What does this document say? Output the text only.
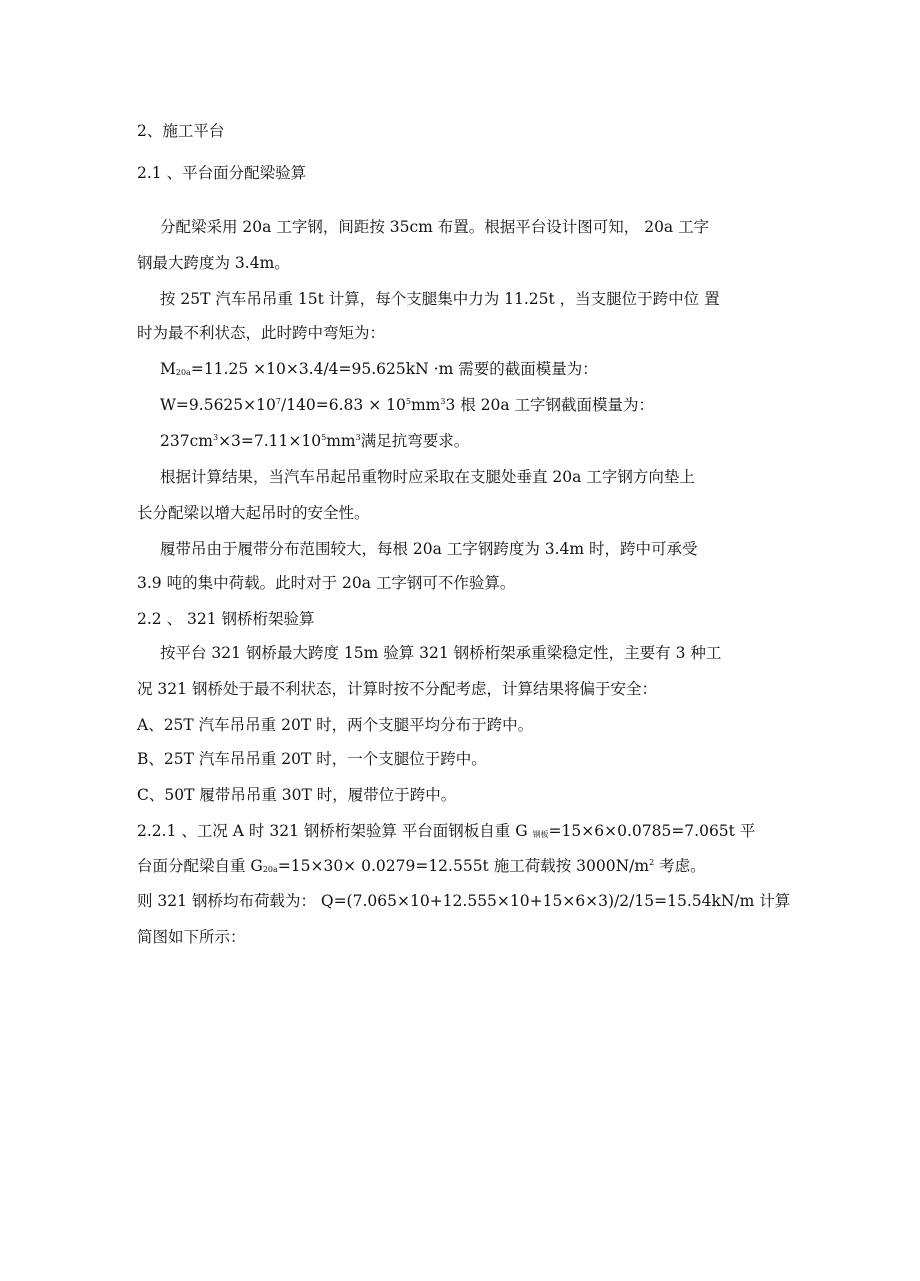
2、施工平台
2.1 、平台面分配梁验算
分配梁采用 20a 工字钢，间距按 35cm 布置。根据平台设计图可知， 20a 工字
钢最大跨度为 3.4m。
按 25T 汽车吊吊重 15t 计算，每个支腿集中力为 11.25t ，当支腿位于跨中位 置
时为最不利状态，此时跨中弯矩为：
$M_{20a}=11.25 \times 10\times 3.4/4=95.625kN \cdot m$ 需要的截面模量为：
$W=9.5625\times 10^7/140=6.83 \times 10^5mm^33$ 根 20a 工字钢截面模量为：
$237cm^3\times 3=7.11\times 10^5mm^3$满足抗弯要求。
根据计算结果，当汽车吊起吊重物时应采取在支腿处垂直 20a 工字钢方向垫上
长分配梁以增大起吊时的安全性。
履带吊由于履带分布范围较大，每根 20a 工字钢跨度为 3.4m 时，跨中可承受
3.9 吨的集中荷载。此时对于 20a 工字钢可不作验算。
2.2 、 321 钢桥桁架验算
按平台 321 钢桥最大跨度 15m 验算 321 钢桥桁架承重梁稳定性，主要有 3 种工
况 321 钢桥处于最不利状态，计算时按不分配考虑，计算结果将偏于安全：
A、25T 汽车吊吊重 20T 时，两个支腿平均分布于跨中。
B、25T 汽车吊吊重 20T 时，一个支腿位于跨中。
C、50T 履带吊吊重 30T 时，履带位于跨中。
2.2.1 、工况 A 时 321 钢桥桁架验算 平台面钢板自重 G $_{钢板}$=15×6×0.0785=7.065t 平
台面分配梁自重 $G_{20a}=15\times 30\times 0.0279=12.555t$ 施工荷载按 $3000N/m^2$ 考虑。
则 321 钢桥均布荷载为： Q=(7.065×10+12.555×10+15×6×3)/2/15=15.54kN/m 计算
简图如下所示：
